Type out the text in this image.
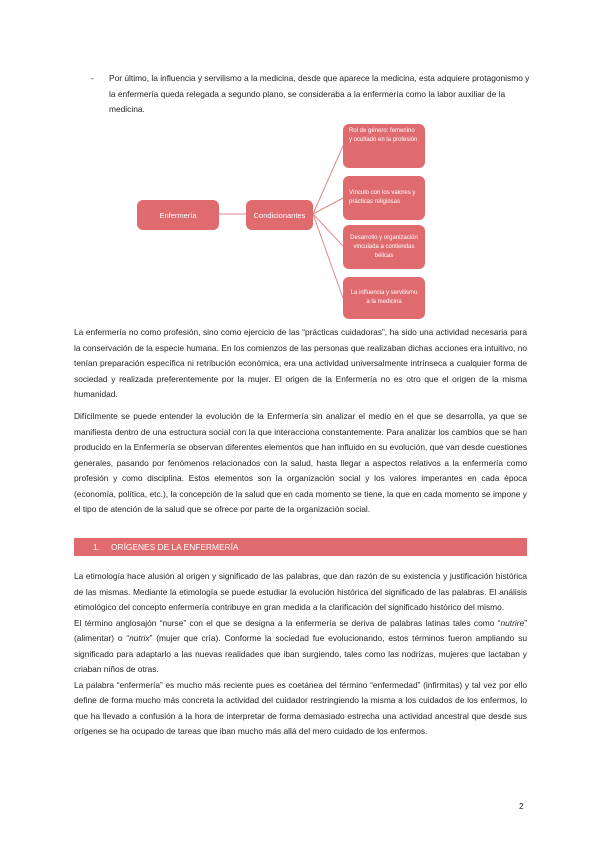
- Por último, la influencia y servilismo a la medicina, desde que aparece la medicina, esta adquiere protagonismo y la enfermería queda relegada a segundo plano, se consideraba a la enfermería como la labor auxiliar de la medicina.
Enfermería	Condicionantes
Rol de género: femenino y ocultado en la profesión
Vínculo con los valores y prácticas religiosas
Desarrollo y organización vinculada a contiendas bélicas
La influencia y servilismo a la medicina

La enfermería no como profesión, sino como ejercicio de las “prácticas cuidadoras”, ha sido una actividad necesaria para la conservación de la especie humana. En los comienzos de las personas que realizaban dichas acciones era intuitivo, no tenían preparación específica ni retribución económica, era una actividad universalmente intrínseca a cualquier forma de sociedad y realizada preferentemente por la mujer. El origen de la Enfermería no es otro que el origen de la misma humanidad.

Difícilmente se puede entender la evolución de la Enfermería sin analizar el medio en el que se desarrolla, ya que se manifiesta dentro de una estructura social con la que interacciona constantemente. Para analizar los cambios que se han producido en la Enfermería se observan diferentes elementos que han influido en su evolución, que van desde cuestiones generales, pasando por fenómenos relacionados con la salud, hasta llegar a aspectos relativos a la enfermería como profesión y como disciplina. Estos elementos son la organización social y los valores imperantes en cada época (economía, política, etc.), la concepción de la salud que en cada momento se tiene, la que en cada momento se impone y el tipo de atención de la salud que se ofrece por parte de la organización social.

1. ORÍGENES DE LA ENFERMERÍA

La etimología hace alusión al origen y significado de las palabras, que dan razón de su existencia y justificación histórica de las mismas. Mediante la etimología se puede estudiar la evolución histórica del significado de las palabras. El análisis etimológico del concepto enfermería contribuye en gran medida a la clarificación del significado histórico del mismo.

El término anglosajón “nurse” con el que se designa a la enfermería se deriva de palabras latinas tales como “nutrire” (alimentar) o “nutrix” (mujer que cría). Conforme la sociedad fue evolucionando, estos términos fueron ampliando su significado para adaptarlo a las nuevas realidades que iban surgiendo, tales como las nodrizas, mujeres que lactaban y criaban niños de otras.

La palabra “enfermería” es mucho más reciente pues es coetánea del término “enfermedad” (infirmitas) y tal vez por ello define de forma mucho más concreta la actividad del cuidador restringiendo la misma a los cuidados de los enfermos, lo que ha llevado a confusión a la hora de interpretar de forma demasiado estrecha una actividad ancestral que desde sus orígenes se ha ocupado de tareas que iban mucho más allá del mero cuidado de los enfermos.

2
